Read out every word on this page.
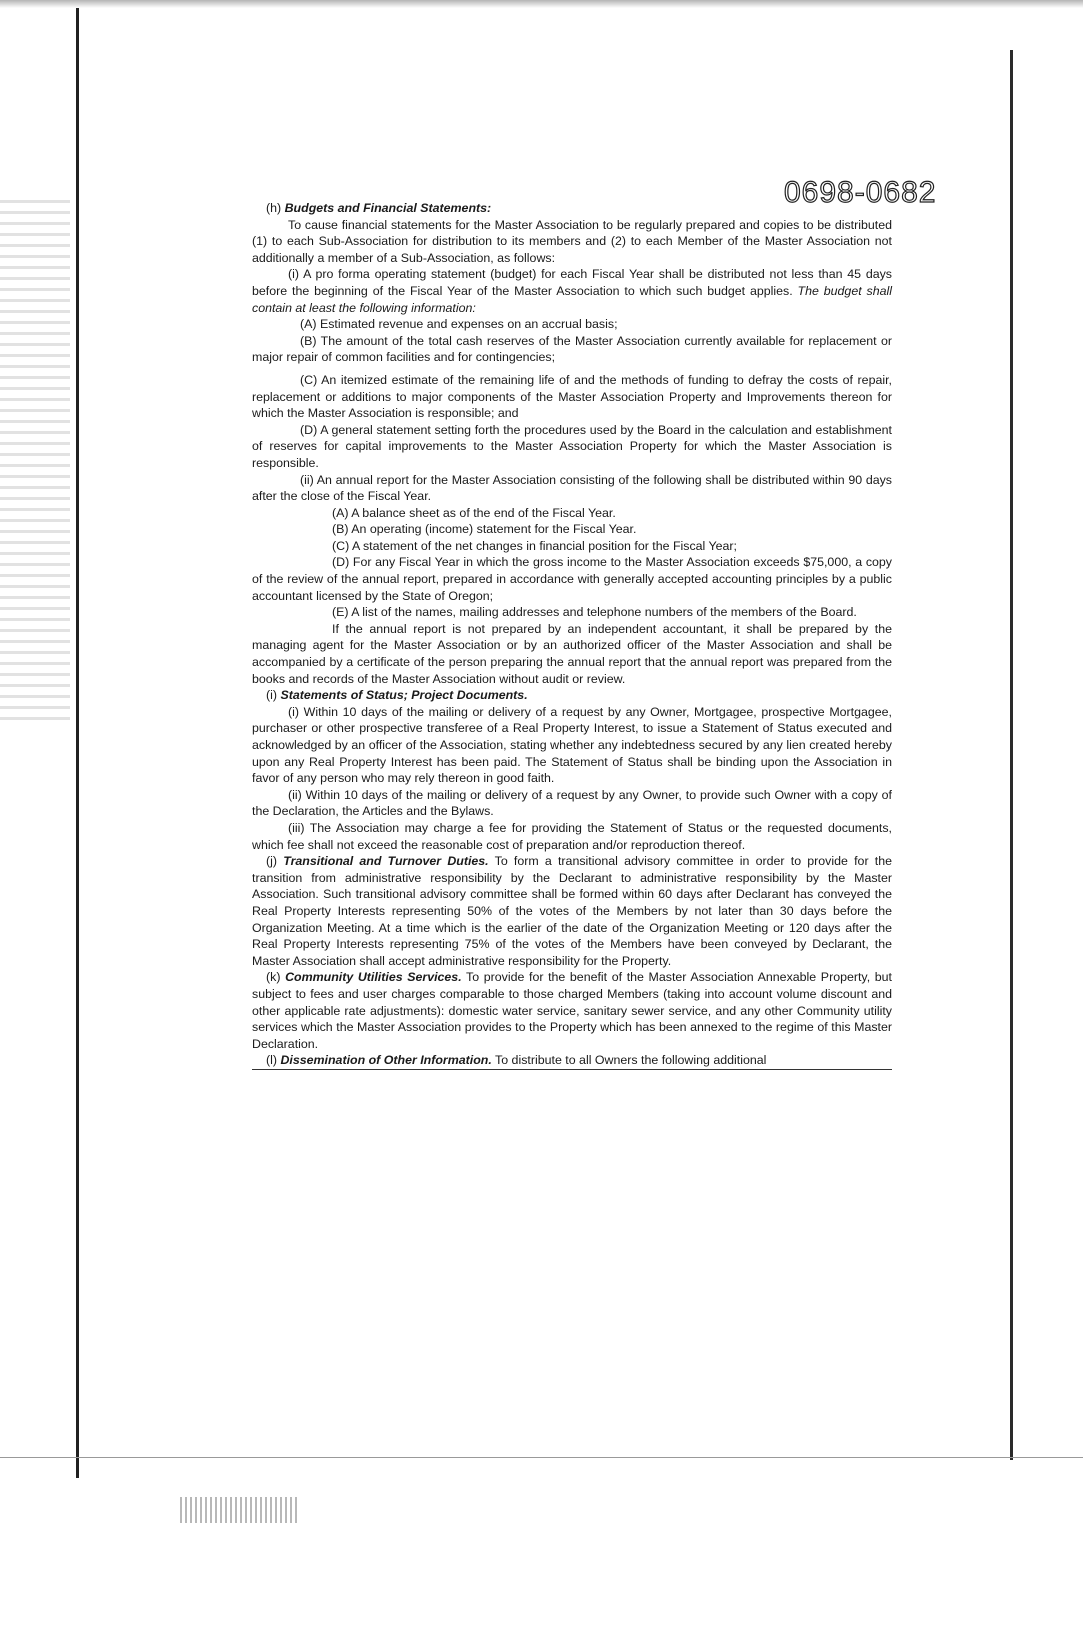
0698-0682

(h) Budgets and Financial Statements:

To cause financial statements for the Master Association to be regularly prepared and copies to be distributed (1) to each Sub-Association for distribution to its members and (2) to each Member of the Master Association not additionally a member of a Sub-Association, as follows:

(i) A pro forma operating statement (budget) for each Fiscal Year shall be distributed not less than 45 days before the beginning of the Fiscal Year of the Master Association to which such budget applies. The budget shall contain at least the following information:

(A) Estimated revenue and expenses on an accrual basis;

(B) The amount of the total cash reserves of the Master Association currently available for replacement or major repair of common facilities and for contingencies;

(C) An itemized estimate of the remaining life of and the methods of funding to defray the costs of repair, replacement or additions to major components of the Master Association Property and Improvements thereon for which the Master Association is responsible; and

(D) A general statement setting forth the procedures used by the Board in the calculation and establishment of reserves for capital improvements to the Master Association Property for which the Master Association is responsible.

(ii) An annual report for the Master Association consisting of the following shall be distributed within 90 days after the close of the Fiscal Year.

(A) A balance sheet as of the end of the Fiscal Year.

(B) An operating (income) statement for the Fiscal Year.

(C) A statement of the net changes in financial position for the Fiscal Year;

(D) For any Fiscal Year in which the gross income to the Master Association exceeds $75,000, a copy of the review of the annual report, prepared in accordance with generally accepted accounting principles by a public accountant licensed by the State of Oregon;

(E) A list of the names, mailing addresses and telephone numbers of the members of the Board.

If the annual report is not prepared by an independent accountant, it shall be prepared by the managing agent for the Master Association or by an authorized officer of the Master Association and shall be accompanied by a certificate of the person preparing the annual report that the annual report was prepared from the books and records of the Master Association without audit or review.

(i) Statements of Status; Project Documents.

(i) Within 10 days of the mailing or delivery of a request by any Owner, Mortgagee, prospective Mortgagee, purchaser or other prospective transferee of a Real Property Interest, to issue a Statement of Status executed and acknowledged by an officer of the Association, stating whether any indebtedness secured by any lien created hereby upon any Real Property Interest has been paid. The Statement of Status shall be binding upon the Association in favor of any person who may rely thereon in good faith.

(ii) Within 10 days of the mailing or delivery of a request by any Owner, to provide such Owner with a copy of the Declaration, the Articles and the Bylaws.

(iii) The Association may charge a fee for providing the Statement of Status or the requested documents, which fee shall not exceed the reasonable cost of preparation and/or reproduction thereof.

(j) Transitional and Turnover Duties. To form a transitional advisory committee in order to provide for the transition from administrative responsibility by the Declarant to administrative responsibility by the Master Association. Such transitional advisory committee shall be formed within 60 days after Declarant has conveyed the Real Property Interests representing 50% of the votes of the Members by not later than 30 days before the Organization Meeting. At a time which is the earlier of the date of the Organization Meeting or 120 days after the Real Property Interests representing 75% of the votes of the Members have been conveyed by Declarant, the Master Association shall accept administrative responsibility for the Property.

(k) Community Utilities Services. To provide for the benefit of the Master Association Annexable Property, but subject to fees and user charges comparable to those charged Members (taking into account volume discount and other applicable rate adjustments): domestic water service, sanitary sewer service, and any other Community utility services which the Master Association provides to the Property which has been annexed to the regime of this Master Declaration.

(l) Dissemination of Other Information. To distribute to all Owners the following additional
